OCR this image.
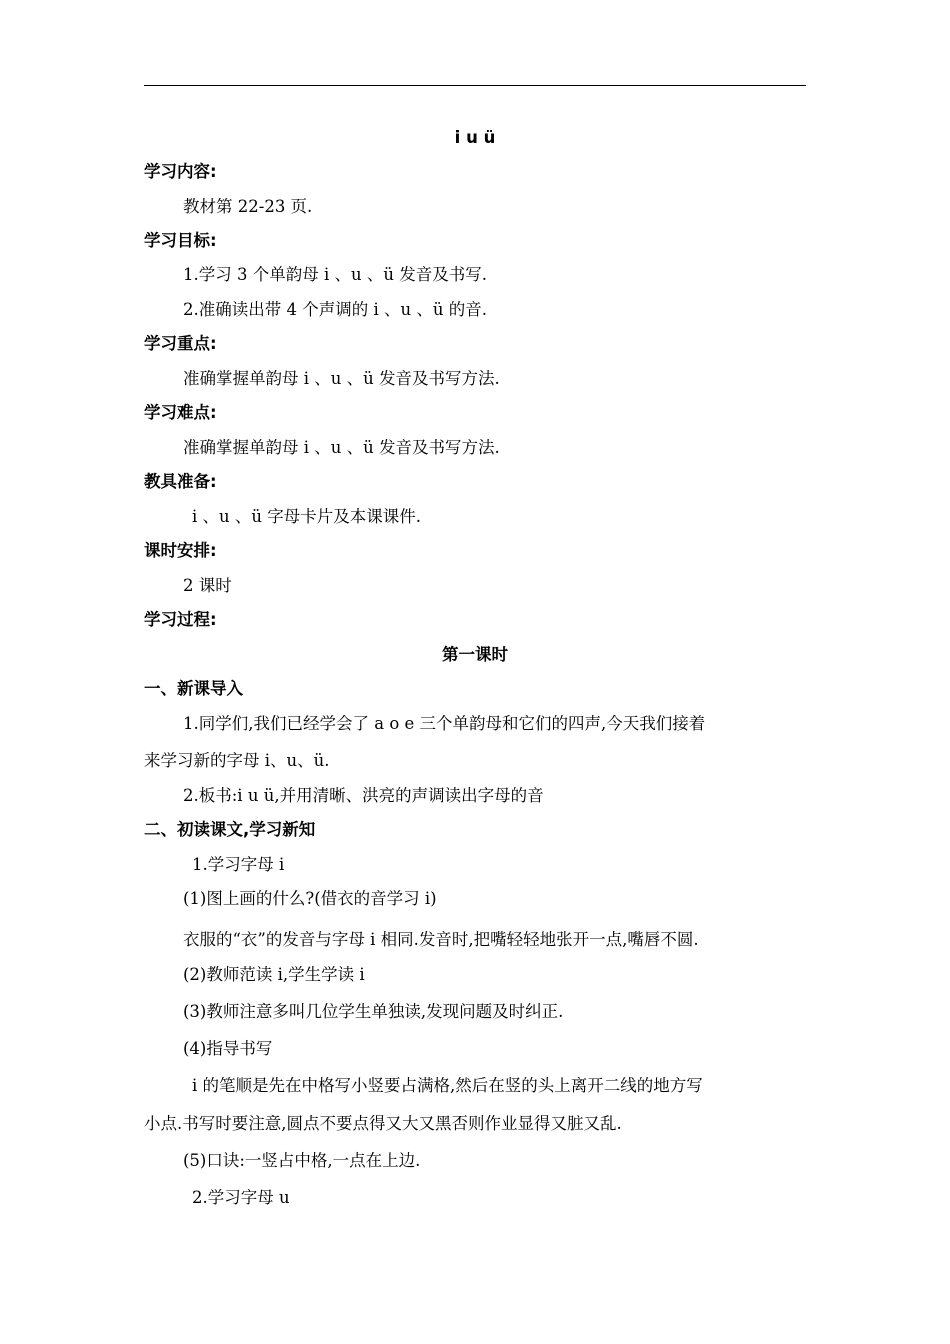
i u ü
学习内容:
教材第 22-23 页.
学习目标:
1.学习 3 个单韵母 i 、u 、ü 发音及书写.
2.准确读出带 4 个声调的 i 、u 、ü 的音.
学习重点:
准确掌握单韵母 i 、u 、ü 发音及书写方法.
学习难点:
准确掌握单韵母 i 、u 、ü 发音及书写方法.
教具准备:
i 、u 、ü 字母卡片及本课课件.
课时安排:
2 课时
学习过程:
第一课时
一、新课导入
1.同学们,我们已经学会了 a o e 三个单韵母和它们的四声,今天我们接着
来学习新的字母 i、u、ü.
2.板书:i u ü,并用清晰、洪亮的声调读出字母的音
二、初读课文,学习新知
1.学习字母 i
(1)图上画的什么?(借衣的音学习 i)
衣服的“衣”的发音与字母 i 相同.发音时,把嘴轻轻地张开一点,嘴唇不圆.
(2)教师范读 i,学生学读 i
(3)教师注意多叫几位学生单独读,发现问题及时纠正.
(4)指导书写
i 的笔顺是先在中格写小竖要占满格,然后在竖的头上离开二线的地方写
小点.书写时要注意,圆点不要点得又大又黑否则作业显得又脏又乱.
(5)口诀:一竖占中格,一点在上边.
2.学习字母 u
